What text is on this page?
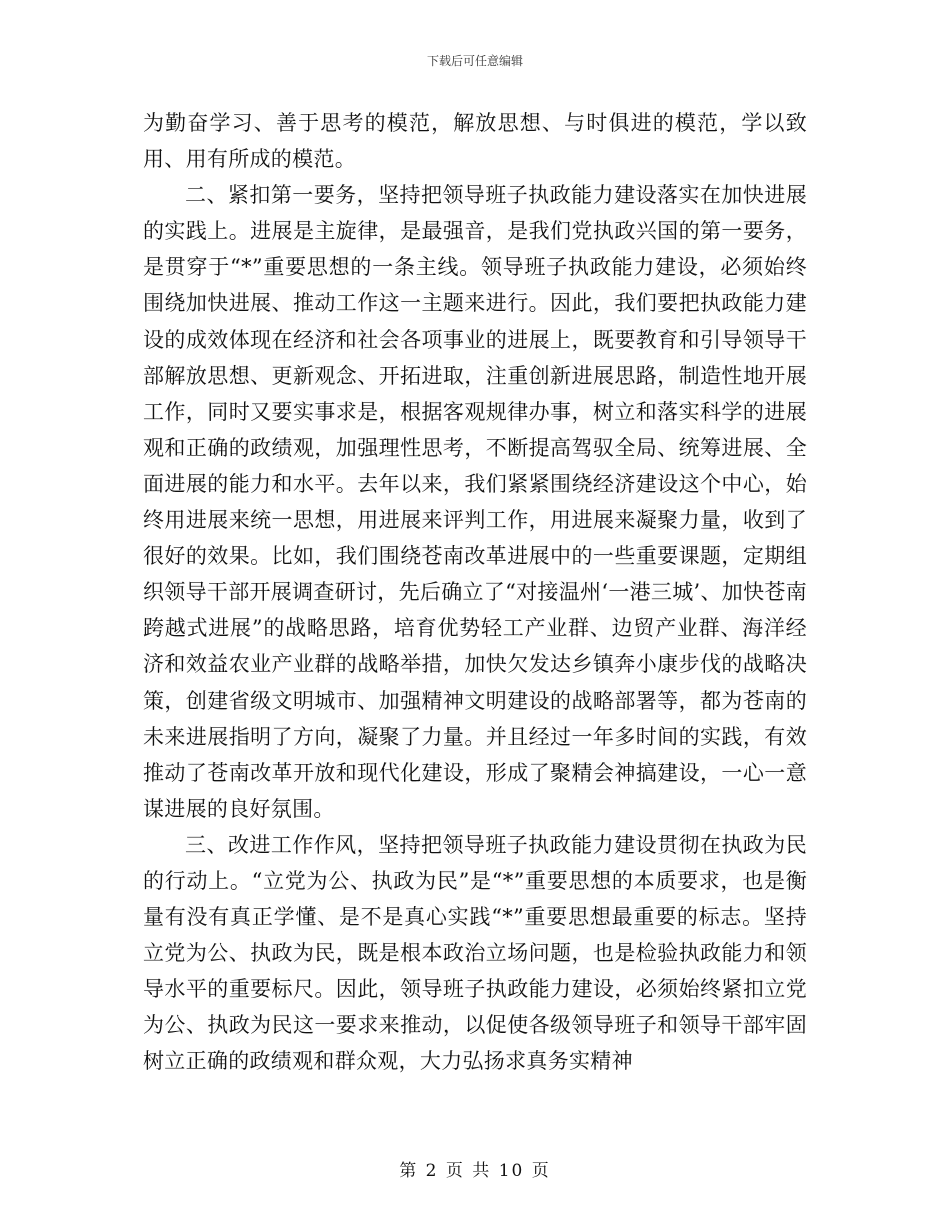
下载后可任意编辑

为勤奋学习、善于思考的模范，解放思想、与时俱进的模范，学以致用、用有所成的模范。

二、紧扣第一要务，坚持把领导班子执政能力建设落实在加快进展的实践上。进展是主旋律，是最强音，是我们党执政兴国的第一要务，是贯穿于“*”重要思想的一条主线。领导班子执政能力建设，必须始终围绕加快进展、推动工作这一主题来进行。因此，我们要把执政能力建设的成效体现在经济和社会各项事业的进展上，既要教育和引导领导干部解放思想、更新观念、开拓进取，注重创新进展思路，制造性地开展工作，同时又要实事求是，根据客观规律办事，树立和落实科学的进展观和正确的政绩观，加强理性思考，不断提高驾驭全局、统筹进展、全面进展的能力和水平。去年以来，我们紧紧围绕经济建设这个中心，始终用进展来统一思想，用进展来评判工作，用进展来凝聚力量，收到了很好的效果。比如，我们围绕苍南改革进展中的一些重要课题，定期组织领导干部开展调查研讨，先后确立了“对接温州‘一港三城’、加快苍南跨越式进展”的战略思路，培育优势轻工产业群、边贸产业群、海洋经济和效益农业产业群的战略举措，加快欠发达乡镇奔小康步伐的战略决策，创建省级文明城市、加强精神文明建设的战略部署等，都为苍南的未来进展指明了方向，凝聚了力量。并且经过一年多时间的实践，有效推动了苍南改革开放和现代化建设，形成了聚精会神搞建设，一心一意谋进展的良好氛围。

三、改进工作作风，坚持把领导班子执政能力建设贯彻在执政为民的行动上。“立党为公、执政为民”是“*”重要思想的本质要求，也是衡量有没有真正学懂、是不是真心实践“*”重要思想最重要的标志。坚持立党为公、执政为民，既是根本政治立场问题，也是检验执政能力和领导水平的重要标尺。因此，领导班子执政能力建设，必须始终紧扣立党为公、执政为民这一要求来推动，以促使各级领导班子和领导干部牢固树立正确的政绩观和群众观，大力弘扬求真务实精神

第 2 页 共 10 页
